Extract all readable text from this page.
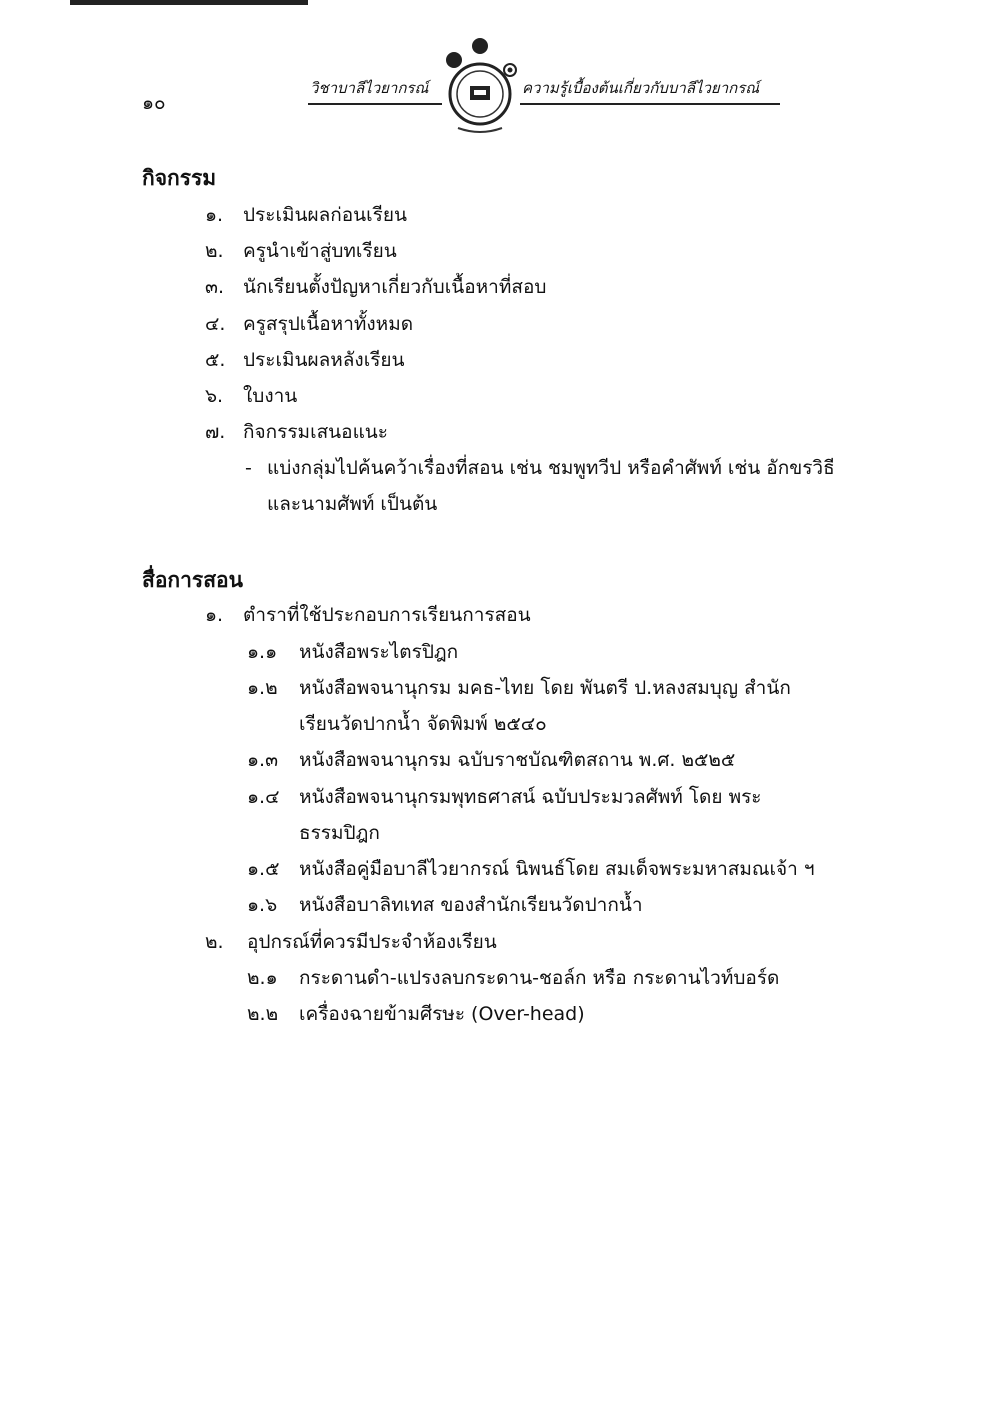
๑๐
วิชาบาลีไวยากรณ์	ความรู้เบื้องต้นเกี่ยวกับบาลีไวยากรณ์
กิจกรรม
๑. ประเมินผลก่อนเรียน
๒. ครูนำเข้าสู่บทเรียน
๓. นักเรียนตั้งปัญหาเกี่ยวกับเนื้อหาที่สอบ
๔. ครูสรุปเนื้อหาทั้งหมด
๕. ประเมินผลหลังเรียน
๖. ใบงาน
๗. กิจกรรมเสนอแนะ
- แบ่งกลุ่มไปค้นคว้าเรื่องที่สอน เช่น ชมพูทวีป หรือคำศัพท์ เช่น อักขรวิธี
และนามศัพท์ เป็นต้น
สื่อการสอน
๑. ตำราที่ใช้ประกอบการเรียนการสอน
๑.๑ หนังสือพระไตรปิฎก
๑.๒ หนังสือพจนานุกรม มคธ-ไทย โดย พันตรี ป.หลงสมบุญ สำนัก
เรียนวัดปากน้ำ จัดพิมพ์ ๒๕๔๐
๑.๓ หนังสือพจนานุกรม ฉบับราชบัณฑิตสถาน พ.ศ. ๒๕๒๕
๑.๔ หนังสือพจนานุกรมพุทธศาสน์ ฉบับประมวลศัพท์ โดย พระ
ธรรมปิฎก
๑.๕ หนังสือคู่มือบาลีไวยากรณ์ นิพนธ์โดย สมเด็จพระมหาสมณเจ้า ฯ
๑.๖ หนังสือบาลิทเทส ของสำนักเรียนวัดปากน้ำ
๒. อุปกรณ์ที่ควรมีประจำห้องเรียน
๒.๑ กระดานดำ-แปรงลบกระดาน-ชอล์ก หรือ กระดานไวท์บอร์ด
๒.๒ เครื่องฉายข้ามศีรษะ (Over-head)
